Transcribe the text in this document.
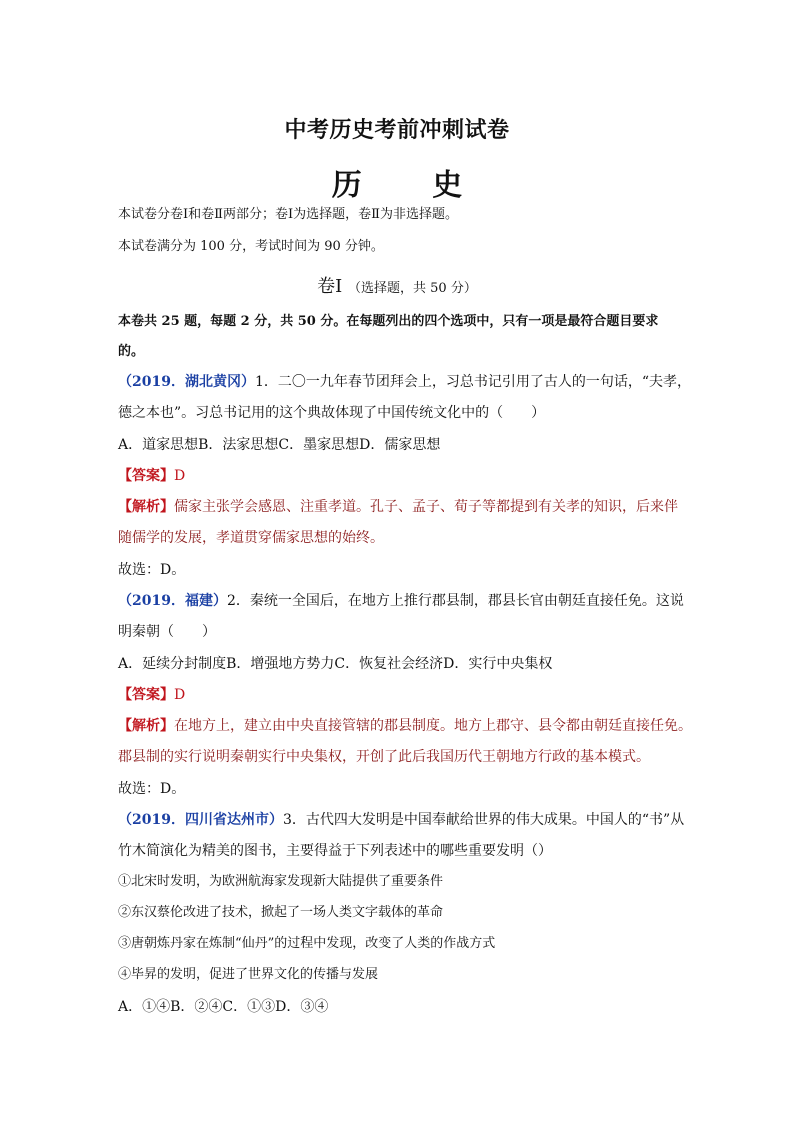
中考历史考前冲刺试卷
历 史
本试卷分卷Ⅰ和卷Ⅱ两部分；卷Ⅰ为选择题，卷Ⅱ为非选择题。
本试卷满分为 100 分，考试时间为 90 分钟。
卷Ⅰ （选择题，共 50 分）
本卷共 25 题，每题 2 分，共 50 分。在每题列出的四个选项中，只有一项是最符合题目要求
的。
（2019．湖北黄冈）1．二〇一九年春节团拜会上，习总书记引用了古人的一句话，“夫孝，
德之本也”。习总书记用的这个典故体现了中国传统文化中的（　　）
A．道家思想B．法家思想C．墨家思想D．儒家思想
【答案】D
【解析】儒家主张学会感恩、注重孝道。孔子、孟子、荀子等都提到有关孝的知识，后来伴
随儒学的发展，孝道贯穿儒家思想的始终。
故选：D。
（2019．福建）2．秦统一全国后，在地方上推行郡县制，郡县长官由朝廷直接任免。这说
明秦朝（　　）
A．延续分封制度B．增强地方势力C．恢复社会经济D．实行中央集权
【答案】D
【解析】在地方上，建立由中央直接管辖的郡县制度。地方上郡守、县令都由朝廷直接任免。
郡县制的实行说明秦朝实行中央集权，开创了此后我国历代王朝地方行政的基本模式。
故选：D。
（2019．四川省达州市）3．古代四大发明是中国奉献给世界的伟大成果。中国人的“书”从
竹木简演化为精美的图书，主要得益于下列表述中的哪些重要发明（）
①北宋时发明，为欧洲航海家发现新大陆提供了重要条件
②东汉蔡伦改进了技术，掀起了一场人类文字载体的革命
③唐朝炼丹家在炼制“仙丹”的过程中发现，改变了人类的作战方式
④毕昇的发明，促进了世界文化的传播与发展
A．①④B．②④C．①③D．③④
